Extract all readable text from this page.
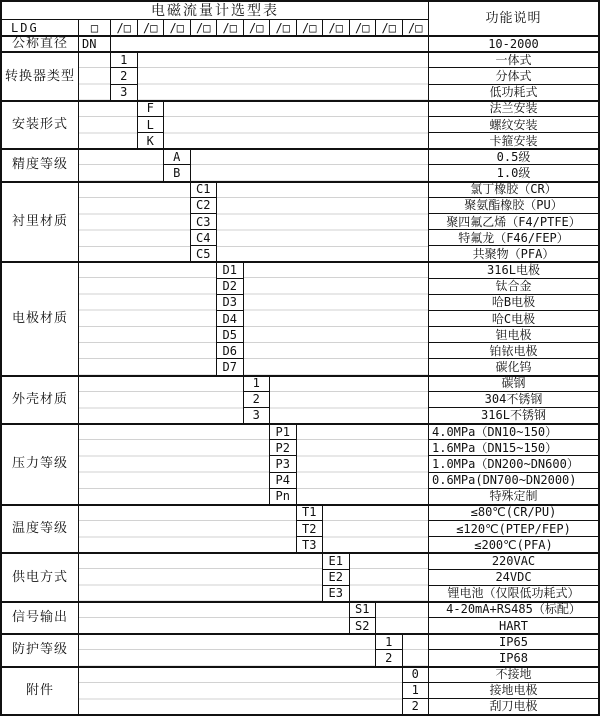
电磁流量计选型表
功能说明
LDG	□
公称直径	DN	10-2000
/□	/□	/□	/□	/□	/□	/□	/□	/□	/□	/□	/□
转换器类型
1	一体式
2	分体式
3	低功耗式
安装形式
F	法兰安装
L	螺纹安装
K	卡箍安装
精度等级
A	0.5级
B	1.0级
衬里材质
C1	氯丁橡胶（CR）
C2	聚氨酯橡胶（PU）
C3	聚四氟乙烯（F4/PTFE）
C4	特氟龙（F46/FEP）
C5	共聚物（PFA）
电极材质
D1	316L电极
D2	钛合金
D3	哈B电极
D4	哈C电极
D5	钽电极
D6	铂铱电极
D7	碳化钨
外壳材质
1	碳钢
2	304不锈钢
3	316L不锈钢
压力等级
P1	4.0MPa（DN10~150）
P2	1.6MPa（DN15~150）
P3	1.0MPa（DN200~DN600）
P4	0.6MPa(DN700~DN2000)
Pn	特殊定制
温度等级
T1	≤80℃(CR/PU)
T2	≤120℃(PTEP/FEP)
T3	≤200℃(PFA)
供电方式
E1	220VAC
E2	24VDC
E3	锂电池（仅限低功耗式）
信号输出
S1	4-20mA+RS485（标配）
S2	HART
防护等级
1	IP65
2	IP68
附件
0	不接地
1	接地电极
2	刮刀电极
